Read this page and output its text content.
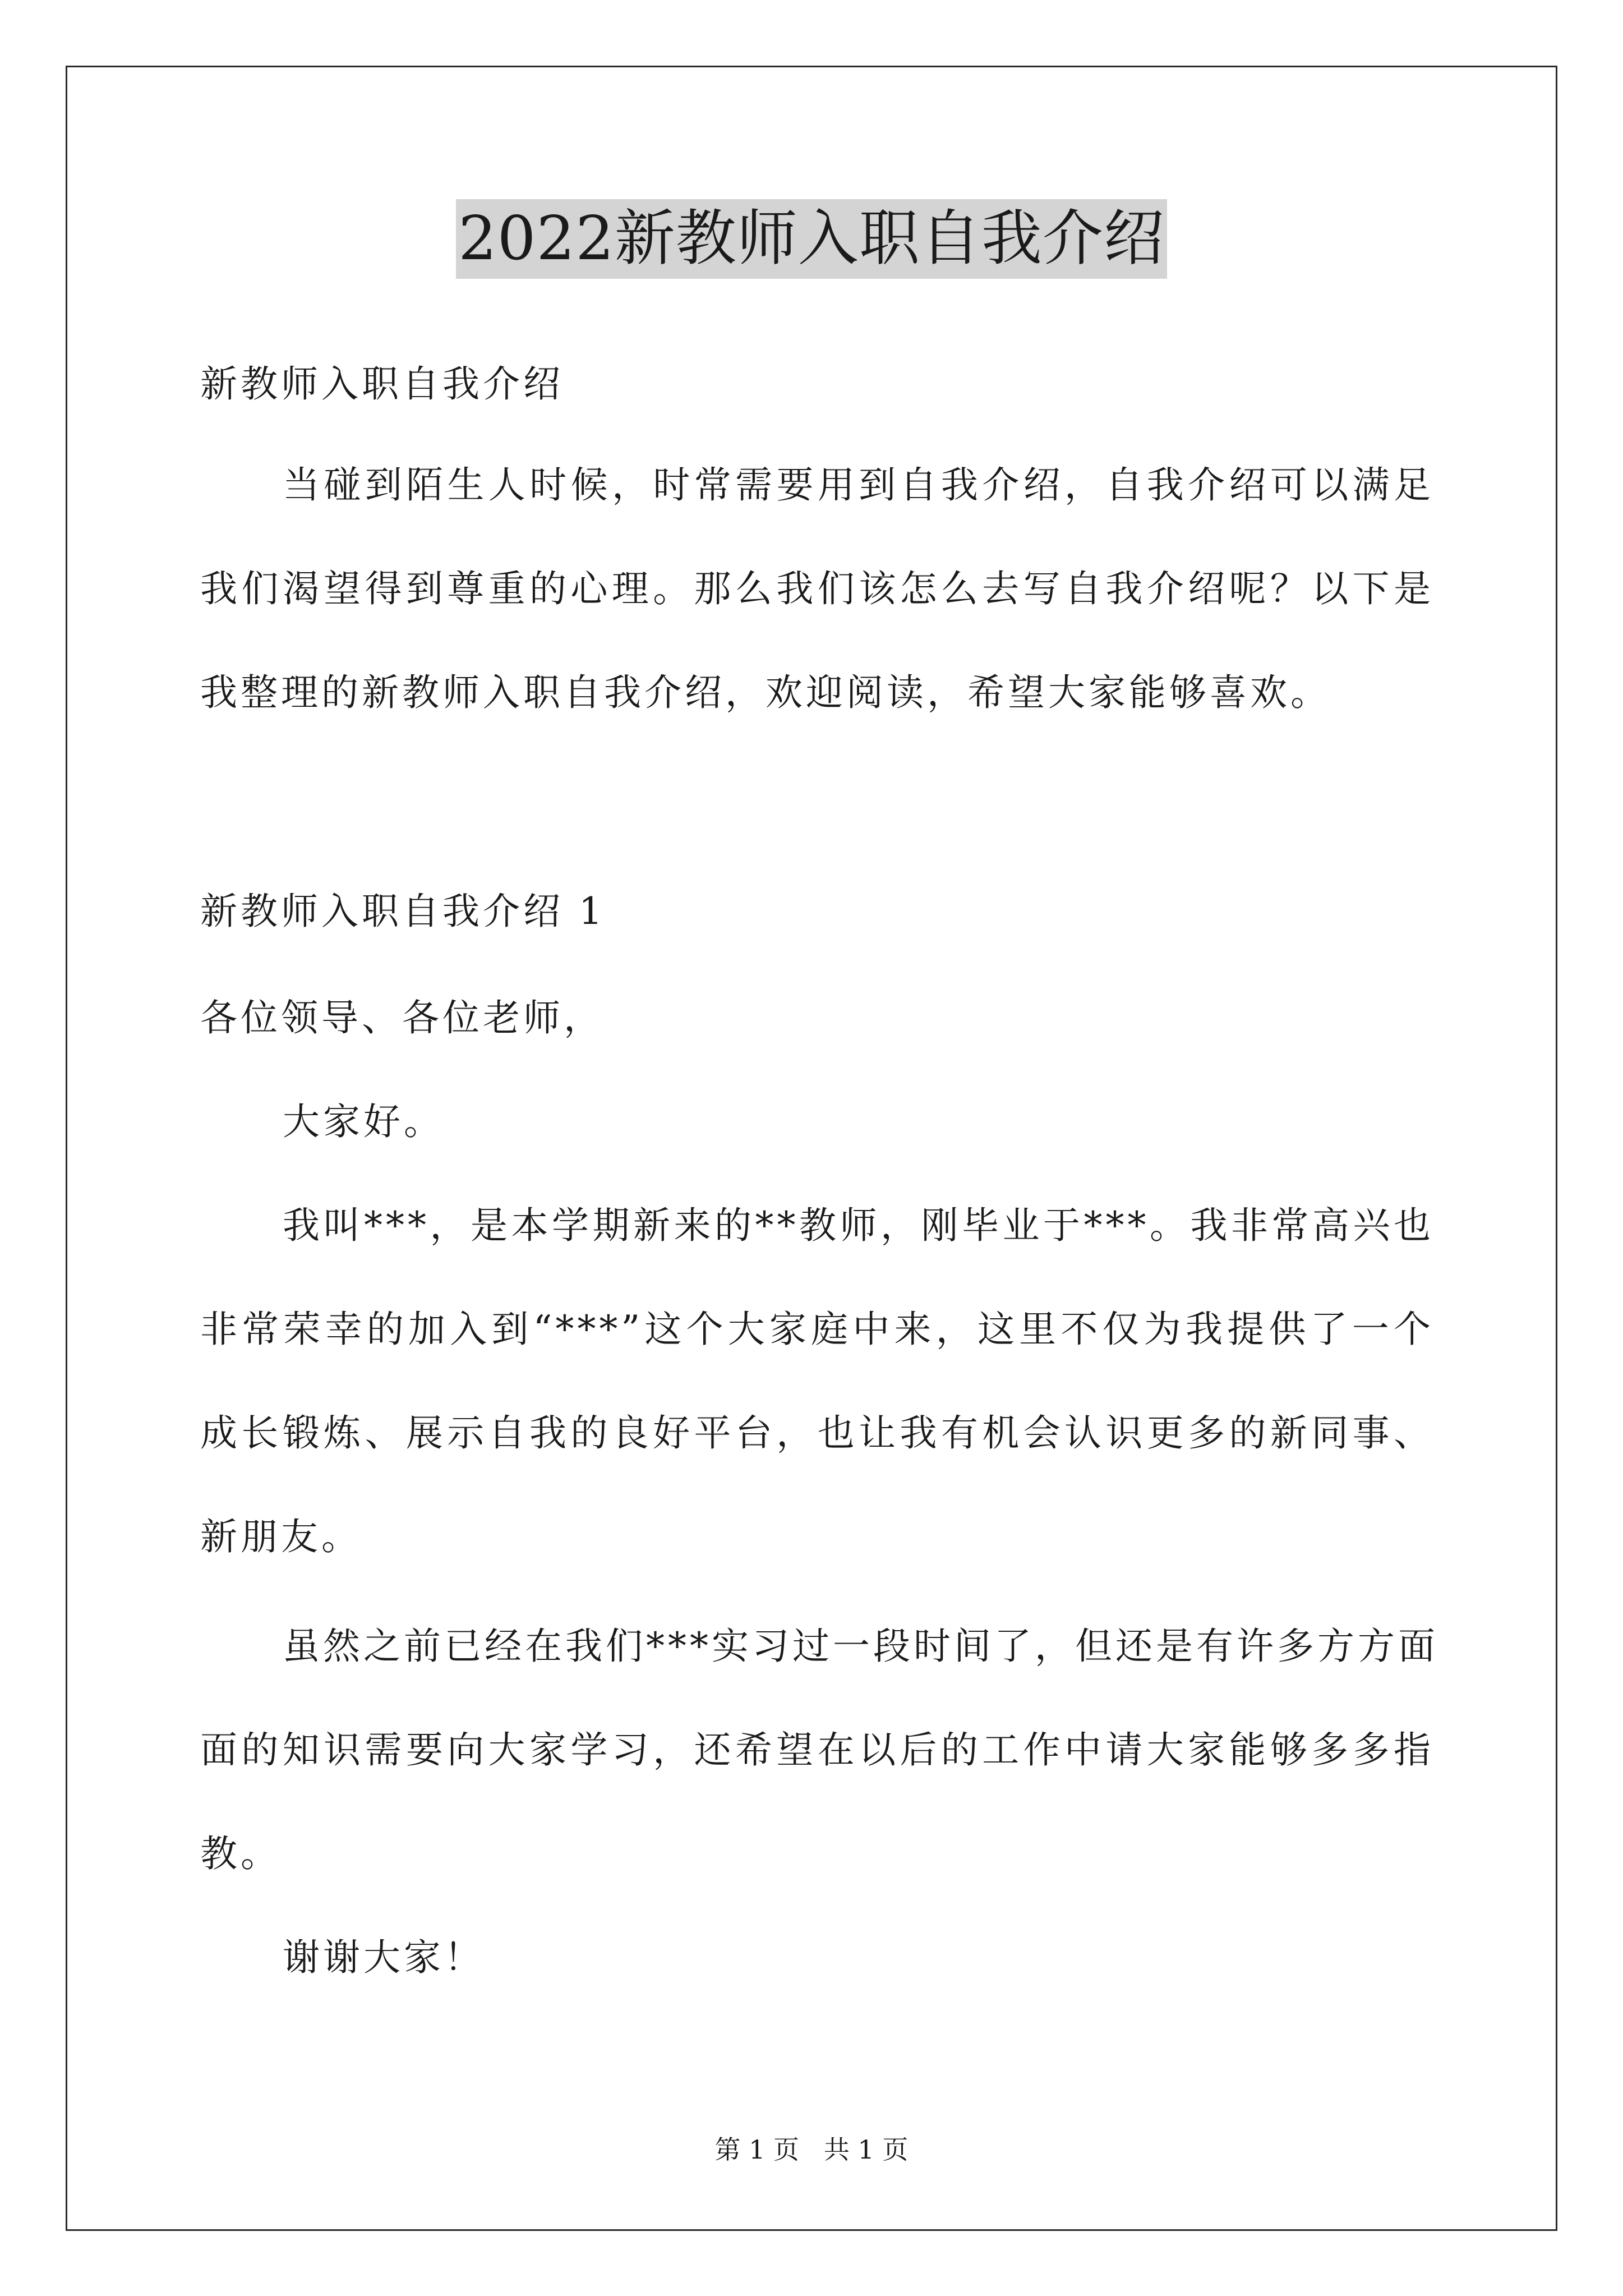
2022新教师入职自我介绍
新教师入职自我介绍
当碰到陌生人时候，时常需要用到自我介绍，自我介绍可以满足
我们渴望得到尊重的心理。那么我们该怎么去写自我介绍呢？以下是
我整理的新教师入职自我介绍，欢迎阅读，希望大家能够喜欢。
新教师入职自我介绍 1
各位领导、各位老师，
大家好。
我叫***，是本学期新来的**教师，刚毕业于***。我非常高兴也
非常荣幸的加入到“***”这个大家庭中来，这里不仅为我提供了一个
成长锻炼、展示自我的良好平台，也让我有机会认识更多的新同事、
新朋友。
虽然之前已经在我们***实习过一段时间了，但还是有许多方方面
面的知识需要向大家学习，还希望在以后的工作中请大家能够多多指
教。
谢谢大家！
第 1 页   共 1 页
